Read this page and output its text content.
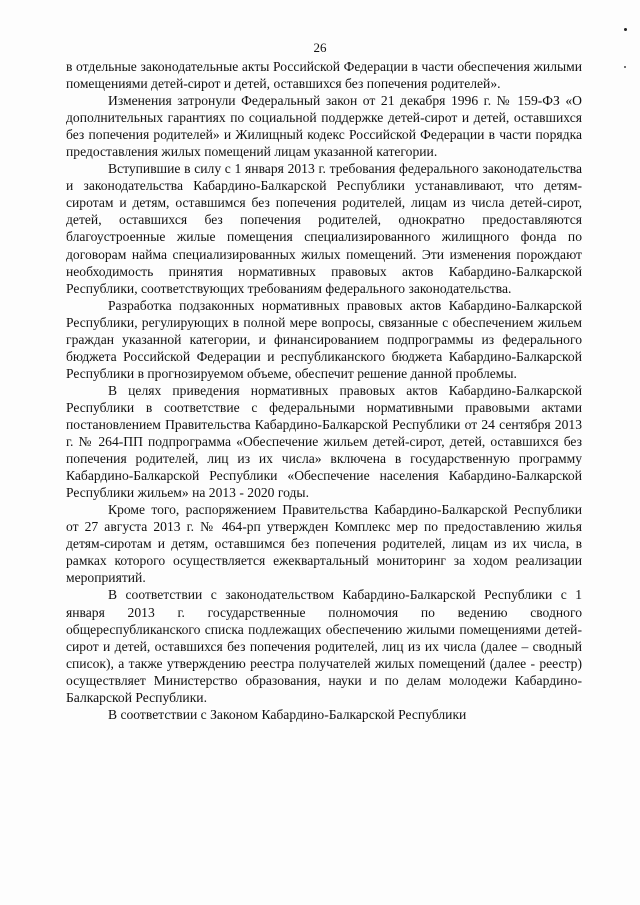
26

в отдельные законодательные акты Российской Федерации в части обеспечения жилыми помещениями детей-сирот и детей, оставшихся без попечения родителей».

Изменения затронули Федеральный закон от 21 декабря 1996 г. № 159-ФЗ «О дополнительных гарантиях по социальной поддержке детей-сирот и детей, оставшихся без попечения родителей» и Жилищный кодекс Российской Федерации в части порядка предоставления жилых помещений лицам указанной категории.

Вступившие в силу с 1 января 2013 г. требования федерального законодательства и законодательства Кабардино-Балкарской Республики устанавливают, что детям-сиротам и детям, оставшимся без попечения родителей, лицам из числа детей-сирот, детей, оставшихся без попечения родителей, однократно предоставляются благоустроенные жилые помещения специализированного жилищного фонда по договорам найма специализированных жилых помещений. Эти изменения порождают необходимость принятия нормативных правовых актов Кабардино-Балкарской Республики, соответствующих требованиям федерального законодательства.

Разработка подзаконных нормативных правовых актов Кабардино-Балкарской Республики, регулирующих в полной мере вопросы, связанные с обеспечением жильем граждан указанной категории, и финансированием подпрограммы из федерального бюджета Российской Федерации и республиканского бюджета Кабардино-Балкарской Республики в прогнозируемом объеме, обеспечит решение данной проблемы.

В целях приведения нормативных правовых актов Кабардино-Балкарской Республики в соответствие с федеральными нормативными правовыми актами постановлением Правительства Кабардино-Балкарской Республики от 24 сентября 2013 г. № 264-ПП подпрограмма «Обеспечение жильем детей-сирот, детей, оставшихся без попечения родителей, лиц из их числа» включена в государственную программу Кабардино-Балкарской Республики «Обеспечение населения Кабардино-Балкарской Республики жильем» на 2013 - 2020 годы.

Кроме того, распоряжением Правительства Кабардино-Балкарской Республики от 27 августа 2013 г. № 464-рп утвержден Комплекс мер по предоставлению жилья детям-сиротам и детям, оставшимся без попечения родителей, лицам из их числа, в рамках которого осуществляется ежеквартальный мониторинг за ходом реализации мероприятий.

В соответствии с законодательством Кабардино-Балкарской Республики с 1 января 2013 г. государственные полномочия по ведению сводного общереспубликанского списка подлежащих обеспечению жилыми помещениями детей-сирот и детей, оставшихся без попечения родителей, лиц из их числа (далее – сводный список), а также утверждению реестра получателей жилых помещений (далее - реестр) осуществляет Министерство образования, науки и по делам молодежи Кабардино-Балкарской Республики.

В соответствии с Законом Кабардино-Балкарской Республики
